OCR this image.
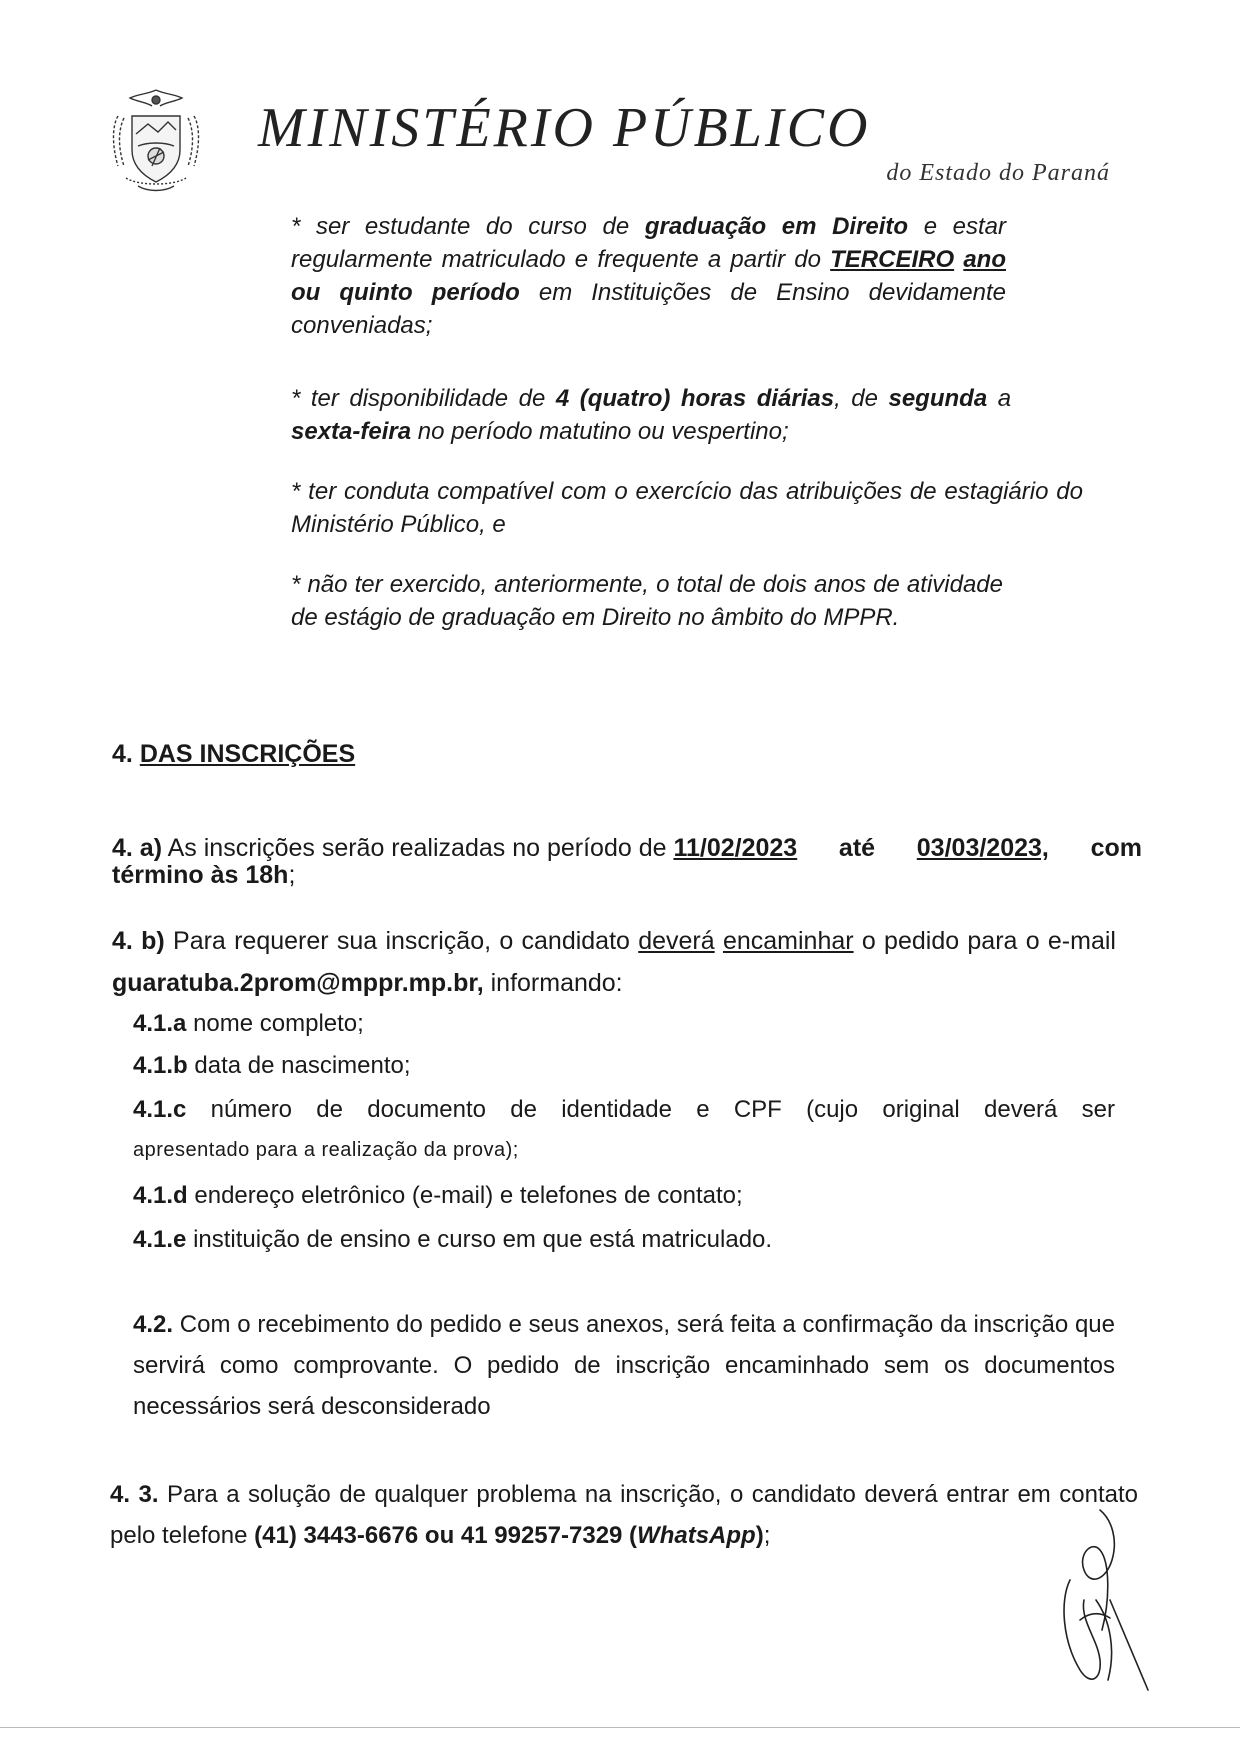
MINISTÉRIO PÚBLICO
do Estado do Paraná
* ser estudante do curso de graduação em Direito e estar regularmente matriculado e frequente a partir do TERCEIRO ano ou quinto período em Instituições de Ensino devidamente conveniadas;
* ter disponibilidade de 4 (quatro) horas diárias, de segunda a sexta-feira no período matutino ou vespertino;
* ter conduta compatível com o exercício das atribuições de estagiário do Ministério Público, e
* não ter exercido, anteriormente, o total de dois anos de atividade de estágio de graduação em Direito no âmbito do MPPR.
4. DAS INSCRIÇÕES
4. a) As inscrições serão realizadas no período de 11/02/2023 até 03/03/2023, com
término às 18h;
4. b) Para requerer sua inscrição, o candidato deverá encaminhar o pedido para o e-mail guaratuba.2prom@mppr.mp.br, informando:
4.1.a nome completo;
4.1.b data de nascimento;
4.1.c número de documento de identidade e CPF (cujo original deverá ser
apresentado para a realização da prova);
4.1.d endereço eletrônico (e-mail) e telefones de contato;
4.1.e instituição de ensino e curso em que está matriculado.
4.2. Com o recebimento do pedido e seus anexos, será feita a confirmação da inscrição que servirá como comprovante. O pedido de inscrição encaminhado sem os documentos necessários será desconsiderado
4. 3. Para a solução de qualquer problema na inscrição, o candidato deverá entrar em contato pelo telefone (41) 3443-6676 ou 41 99257-7329 (WhatsApp);
